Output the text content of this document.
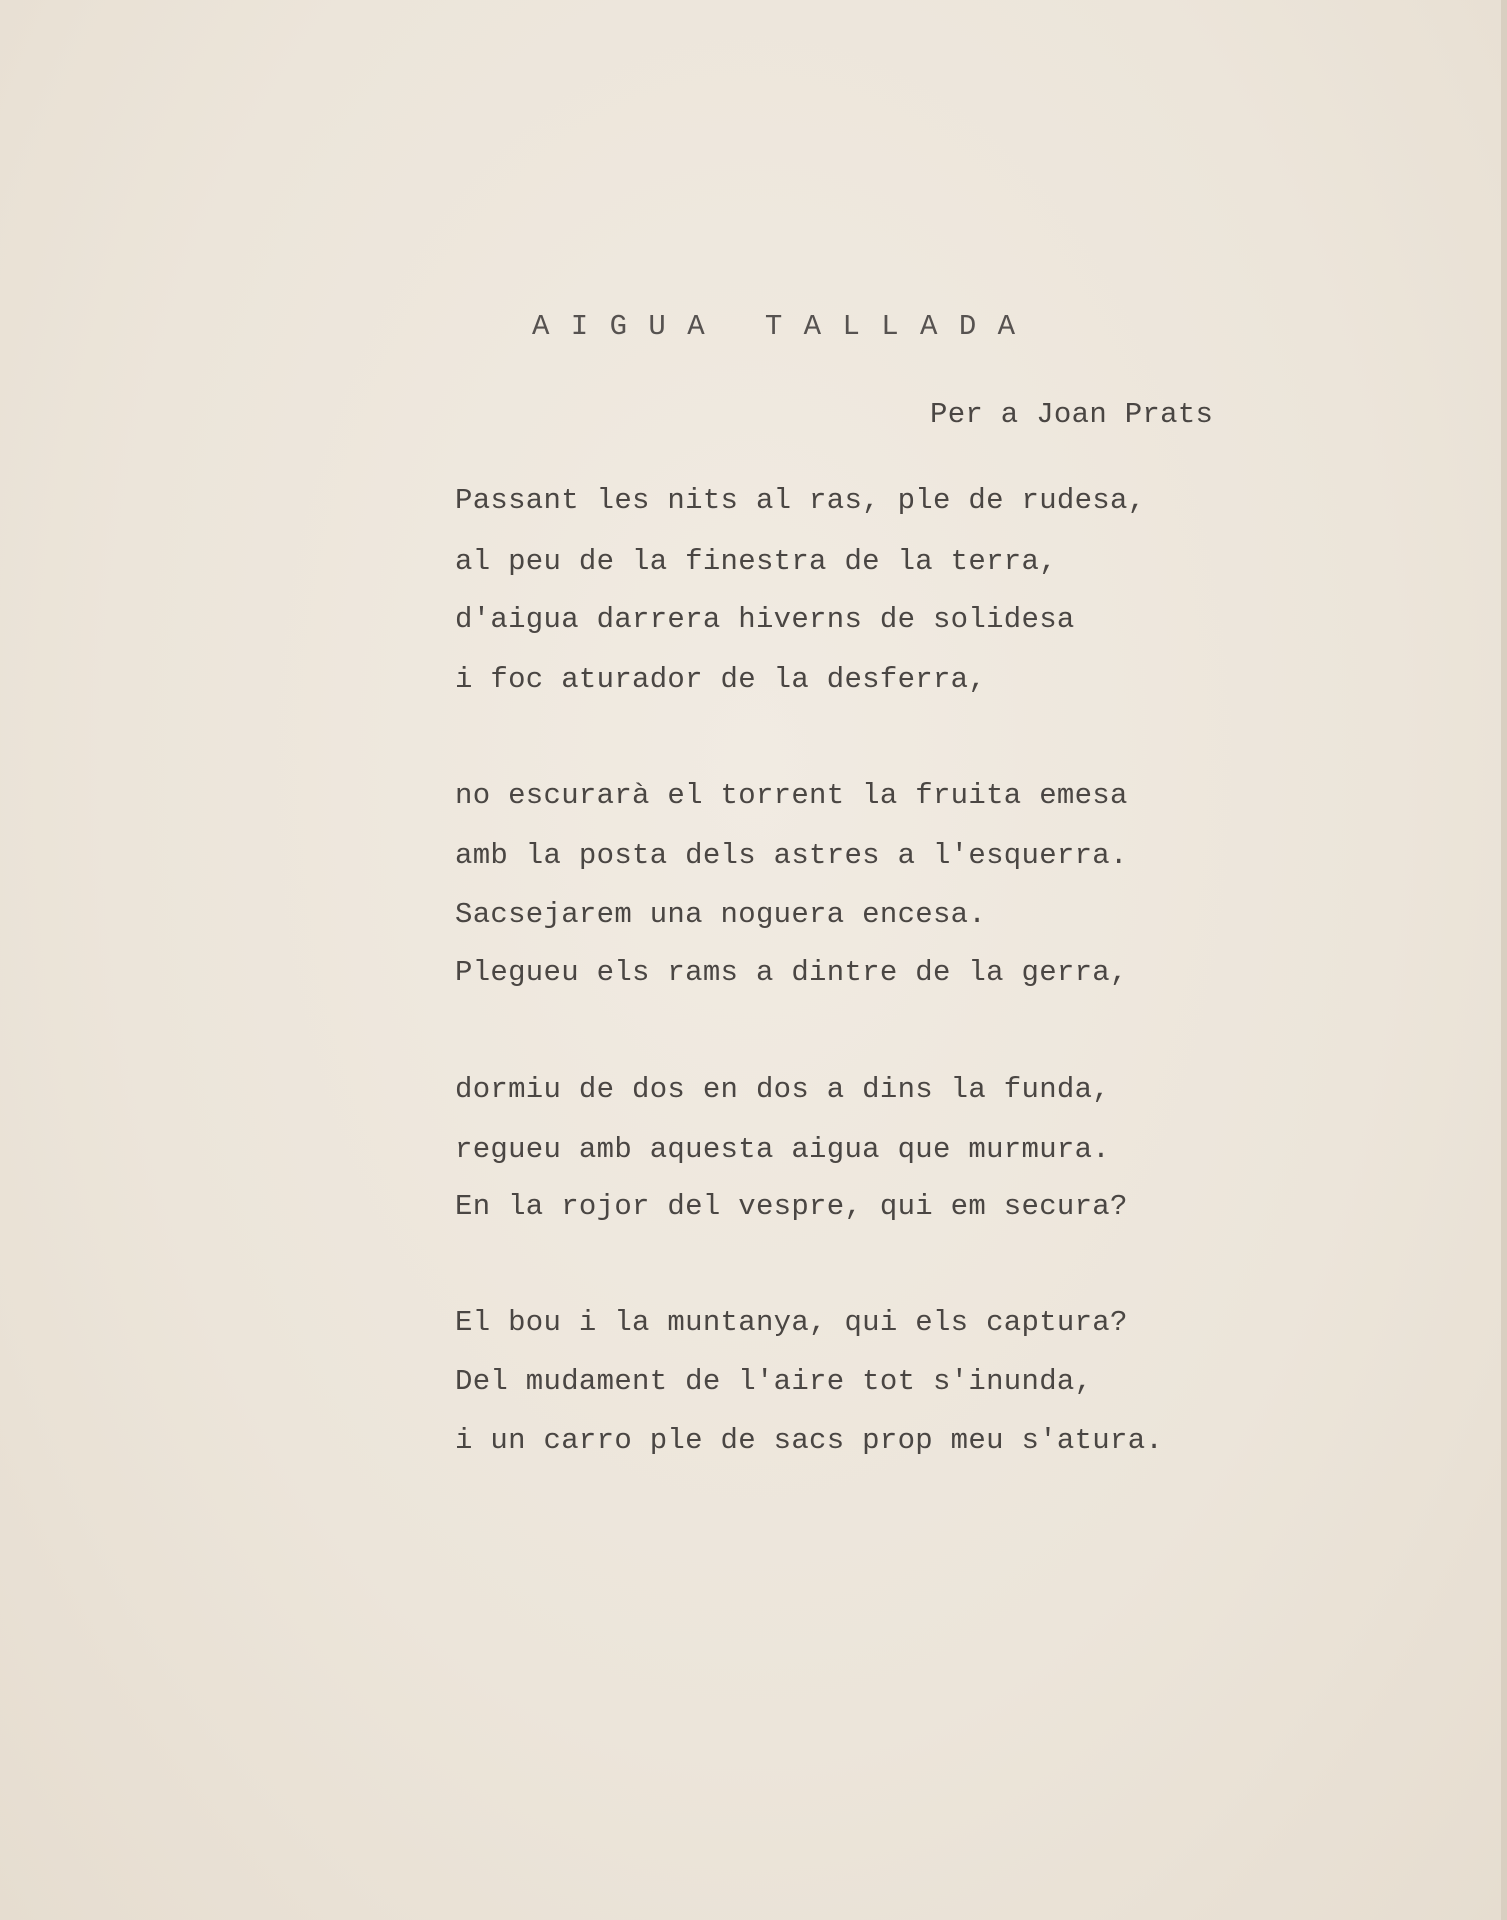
A I G U A   T A L L A D A
Per a Joan Prats
Passant les nits al ras, ple de rudesa,
al peu de la finestra de la terra,
d'aigua darrera hiverns de solidesa
i foc aturador de la desferra,
no escurarà el torrent la fruita emesa
amb la posta dels astres a l'esquerra.
Sacsejarem una noguera encesa.
Plegueu els rams a dintre de la gerra,
dormiu de dos en dos a dins la funda,
regueu amb aquesta aigua que murmura.
En la rojor del vespre, qui em secura?
El bou i la muntanya, qui els captura?
Del mudament de l'aire tot s'inunda,
i un carro ple de sacs prop meu s'atura.
